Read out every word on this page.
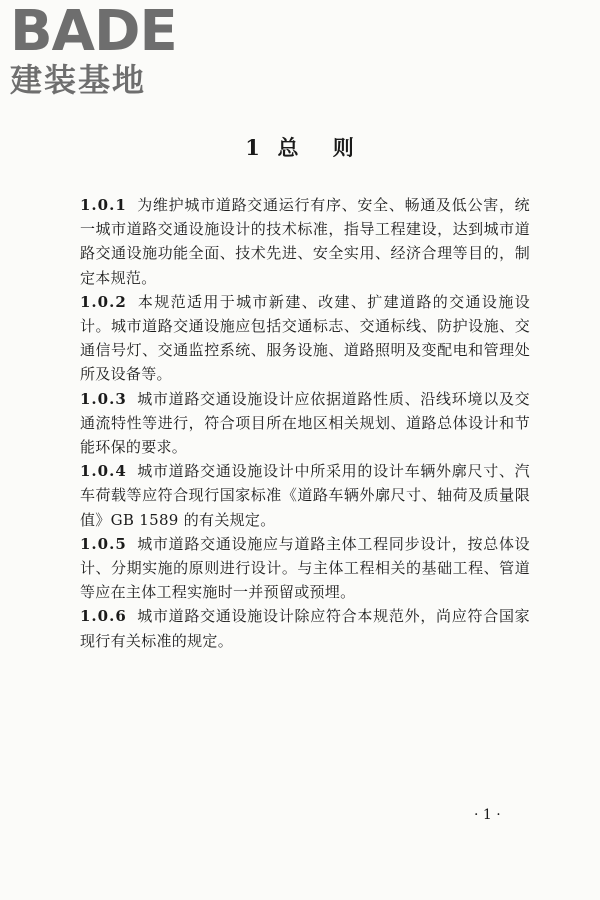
BADE
建装基地
1  总    则

1.0.1 为维护城市道路交通运行有序、安全、畅通及低公害，统一城市道路交通设施设计的技术标准，指导工程建设，达到城市道路交通设施功能全面、技术先进、安全实用、经济合理等目的，制定本规范。

1.0.2 本规范适用于城市新建、改建、扩建道路的交通设施设计。城市道路交通设施应包括交通标志、交通标线、防护设施、交通信号灯、交通监控系统、服务设施、道路照明及变配电和管理处所及设备等。

1.0.3 城市道路交通设施设计应依据道路性质、沿线环境以及交通流特性等进行，符合项目所在地区相关规划、道路总体设计和节能环保的要求。

1.0.4 城市道路交通设施设计中所采用的设计车辆外廓尺寸、汽车荷载等应符合现行国家标准《道路车辆外廓尺寸、轴荷及质量限值》GB 1589 的有关规定。

1.0.5 城市道路交通设施应与道路主体工程同步设计，按总体设计、分期实施的原则进行设计。与主体工程相关的基础工程、管道等应在主体工程实施时一并预留或预埋。

1.0.6 城市道路交通设施设计除应符合本规范外，尚应符合国家现行有关标准的规定。

· 1 ·
